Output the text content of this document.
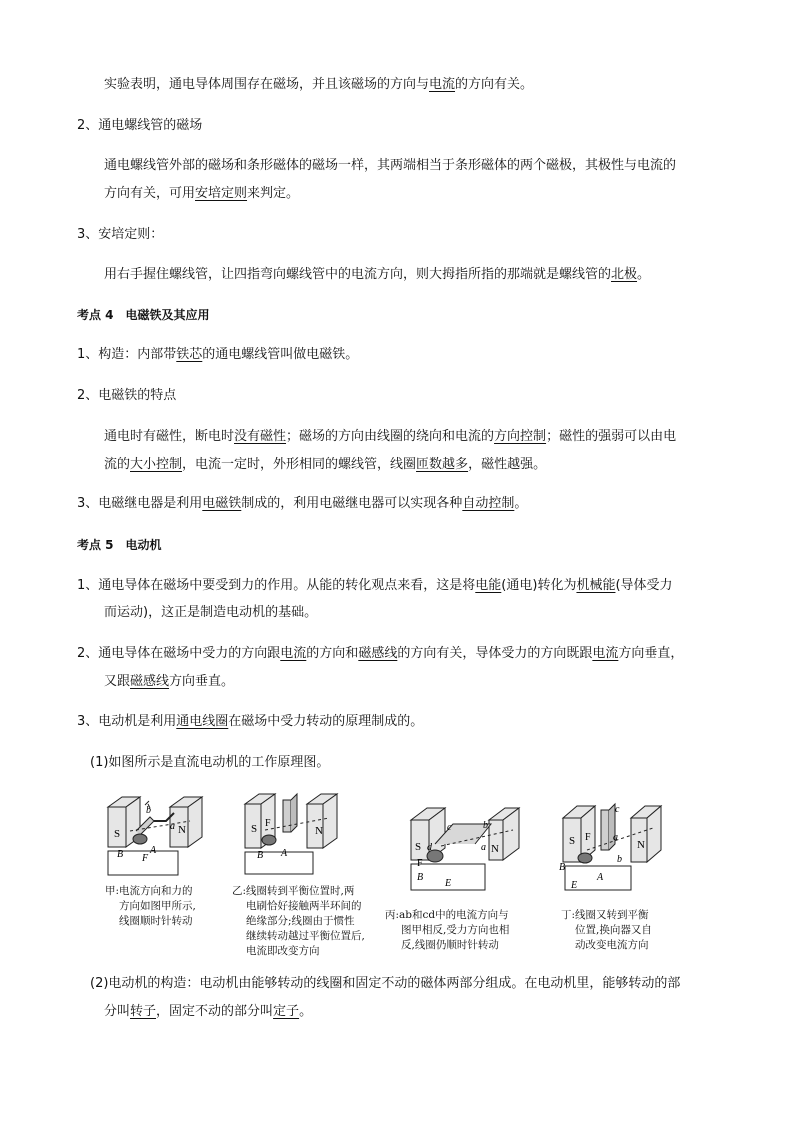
实验表明，通电导体周围存在磁场，并且该磁场的方向与电流的方向有关。
2、通电螺线管的磁场
通电螺线管外部的磁场和条形磁体的磁场一样，其两端相当于条形磁体的两个磁极，其极性与电流的
方向有关，可用安培定则来判定。
3、安培定则：
用右手握住螺线管，让四指弯向螺线管中的电流方向，则大拇指所指的那端就是螺线管的北极。
考点 4　电磁铁及其应用
1、构造：内部带铁芯的通电螺线管叫做电磁铁。
2、电磁铁的特点
通电时有磁性，断电时没有磁性；磁场的方向由线圈的绕向和电流的方向控制；磁性的强弱可以由电
流的大小控制，电流一定时，外形相同的螺线管，线圈匝数越多，磁性越强。
3、电磁继电器是利用电磁铁制成的，利用电磁继电器可以实现各种自动控制。
考点 5　电动机
1、通电导体在磁场中要受到力的作用。从能的转化观点来看，这是将电能(通电)转化为机械能(导体受力
而运动)，这正是制造电动机的基础。
2、通电导体在磁场中受力的方向跟电流的方向和磁感线的方向有关，导体受力的方向既跟电流方向垂直，
又跟磁感线方向垂直。
3、电动机是利用通电线圈在磁场中受力转动的原理制成的。
(1)如图所示是直流电动机的工作原理图。
S	N
b
a
A
B F
甲:电流方向和力的
方向如图甲所示,
线圈顺时针转动
S	N
F
B A
乙:线圈转到平衡位置时,两
电刷恰好接触两半环间的
绝缘部分;线圈由于惯性
继续转动越过平衡位置后,
电流即改变方向
S	N
c	b
d	a
F
B
E
丙:ab和cd中的电流方向与
图甲相反,受力方向也相
反,线圈仍顺时针转动
S	N
F
c
a
b
B
A
E
丁:线圈又转到平衡
位置,换向器又自
动改变电流方向
(2)电动机的构造：电动机由能够转动的线圈和固定不动的磁体两部分组成。在电动机里，能够转动的部
分叫转子，固定不动的部分叫定子。
